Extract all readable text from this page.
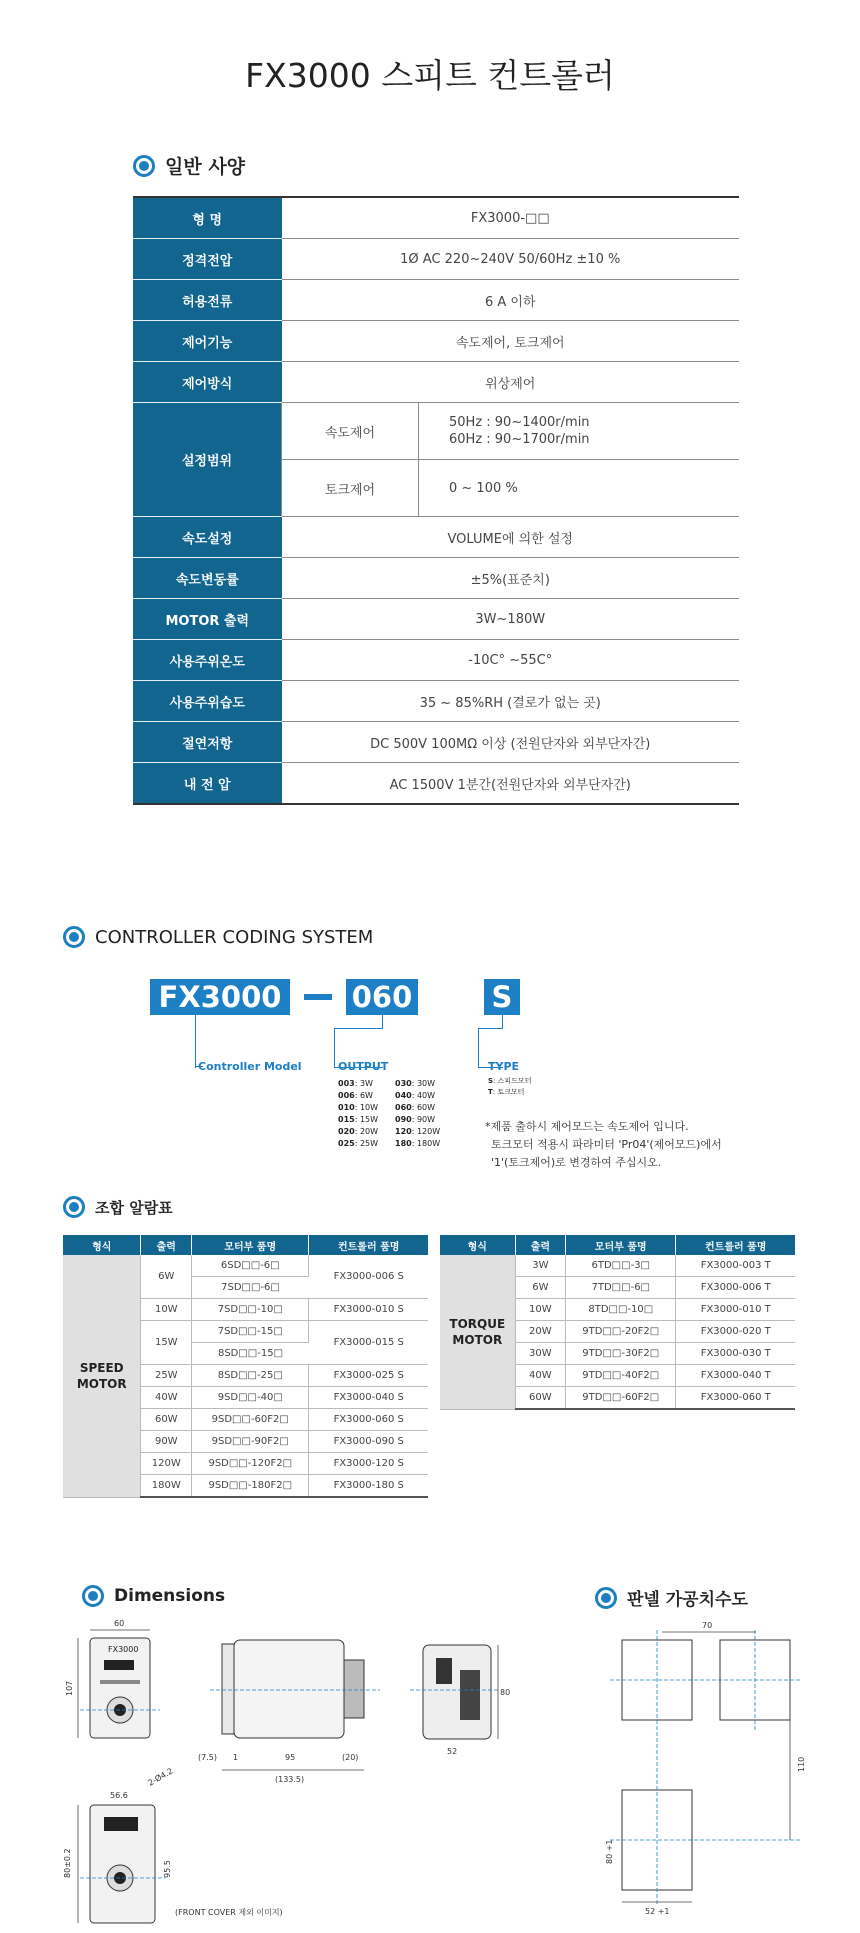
FX3000 스피트 컨트롤러
일반 사양
형 명	FX3000-□□	
정격전압	1Ø AC 220~240V 50/60Hz ±10 %	
허용전류	6 A 이하	
제어기능	속도제어, 토크제어	
제어방식	위상제어	
설정범위	속도제어	50Hz : 90~1400r/min
60Hz : 90~1700r/min

	토크제어	0 ~ 100 %
속도설정	VOLUME에 의한 설정	
속도변동률	±5%(표준치)	
MOTOR 출력	3W~180W	
사용주위온도	-10C° ~55C°	
사용주위습도	35 ~ 85%RH (결로가 없는 곳)	
절연저항	DC 500V 100MΩ 이상 (전원단자와 외부단자간)	
내 전 압	AC 1500V 1분간(전원단자와 외부단자간)	
CONTROLLER CODING SYSTEM
FX3000 060	S
Controller Model	OUTPUT
003: 3W
006: 6W
010: 10W
015: 15W
020: 20W
025: 25W
030: 30W
040: 40W
060: 60W
090: 90W
120: 120W
180: 180W
TYPE
S: 스피드모터
T: 토크모터
*제품 출하시 제어모드는 속도제어 입니다.
토크모터 적용시 파라미터 'Pr04'(제어모드)에서
'1'(토크제어)로 변경하여 주십시오.
조합 알람표
형식	출력	모터부 품명	컨트롤러 품명
SPEED
MOTOR	6W	6SD□□-6□	FX3000-006 S
		7SD□□-6□	
	10W	7SD□□-10□	FX3000-010 S
	15W	7SD□□-15□	FX3000-015 S
		8SD□□-15□	
	25W	8SD□□-25□	FX3000-025 S
	40W	9SD□□-40□	FX3000-040 S
	60W	9SD□□-60F2□	FX3000-060 S
	90W	9SD□□-90F2□	FX3000-090 S
	120W	9SD□□-120F2□	FX3000-120 S
	180W	9SD□□-180F2□	FX3000-180 S
형식	출력	모터부 품명	컨트롤러 품명
TORQUE
MOTOR	3W	6TD□□-3□	FX3000-003 T
	6W	7TD□□-6□	FX3000-006 T
	10W	8TD□□-10□	FX3000-010 T
	20W	9TD□□-20F2□	FX3000-020 T
	30W	9TD□□-30F2□	FX3000-030 T
	40W	9TD□□-40F2□	FX3000-040 T
	60W	9TD□□-60F2□	FX3000-060 T
Dimensions	판넬 가공치수도
60
FX3000
107
(7.5) 1	95	(20)
(133.5)
80
52
56.6
2-Ø4.2
80±0.2	95.5
(FRONT COVER 제외 이미지)
70
110
80 +1
52 +1
